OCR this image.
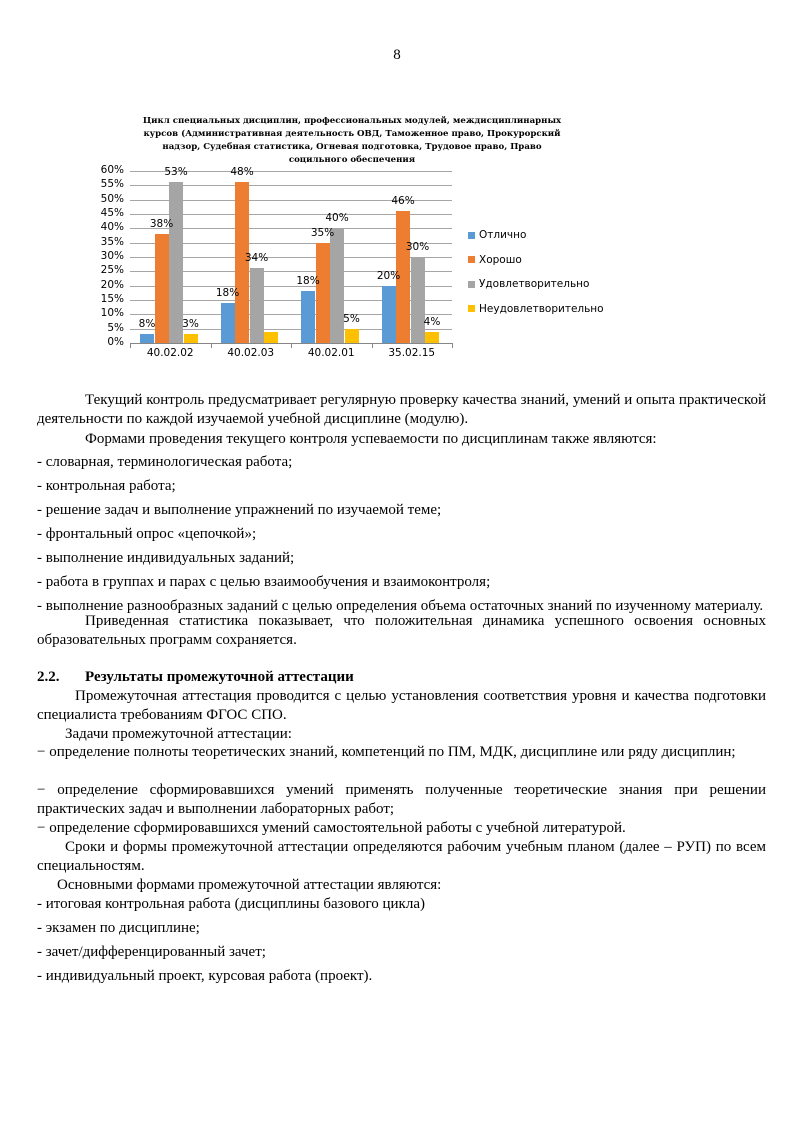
8
Цикл специальных дисциплин, профессиональных модулей, междисциплинарных
курсов (Административная деятельность ОВД, Таможенное право, Прокурорский
надзор, Судебная статистика, Огневая подготовка, Трудовое право, Право
социльного обеспечения
0%
5%
10%
15%
20%
25%
30%
35%
40%
45%
50%
55%
60%
8%
38%
53%
3%
40.02.02
18%
48%
34%
40.02.03
18%
35%
40%
5%
40.02.01
20%
46%
30%
4%
35.02.15
Отлично
Хорошо
Удовлетворительно
Неудовлетворительно
Текущий контроль предусматривает регулярную проверку качества знаний, умений и опыта практической деятельности по каждой изучаемой учебной дисциплине (модулю).
Формами проведения текущего контроля успеваемости по дисциплинам также являются:
- словарная, терминологическая работа;
- контрольная работа;
- решение задач и выполнение упражнений по изучаемой теме;
- фронтальный опрос «цепочкой»;
- выполнение индивидуальных заданий;
- работа в группах и парах с целью взаимообучения и взаимоконтроля;
- выполнение разнообразных заданий с целью определения объема остаточных знаний по изученному материалу.
Приведенная статистика показывает, что положительная динамика успешного освоения основных образовательных программ сохраняется.
2.2. Результаты промежуточной аттестации
Промежуточная аттестация проводится с целью установления соответствия уровня и качества подготовки специалиста требованиям ФГОС СПО.
Задачи промежуточной аттестации:
− определение полноты теоретических знаний, компетенций по ПМ, МДК, дисциплине или ряду дисциплин;
− определение сформировавшихся умений применять полученные теоретические знания при решении практических задач и выполнении лабораторных работ;
− определение сформировавшихся умений самостоятельной работы с учебной литературой.
Сроки и формы промежуточной аттестации определяются рабочим учебным планом (далее – РУП) по всем специальностям.
Основными формами промежуточной аттестации являются:
- итоговая контрольная работа (дисциплины базового цикла)
- экзамен по дисциплине;
- зачет/дифференцированный зачет;
- индивидуальный проект, курсовая работа (проект).
